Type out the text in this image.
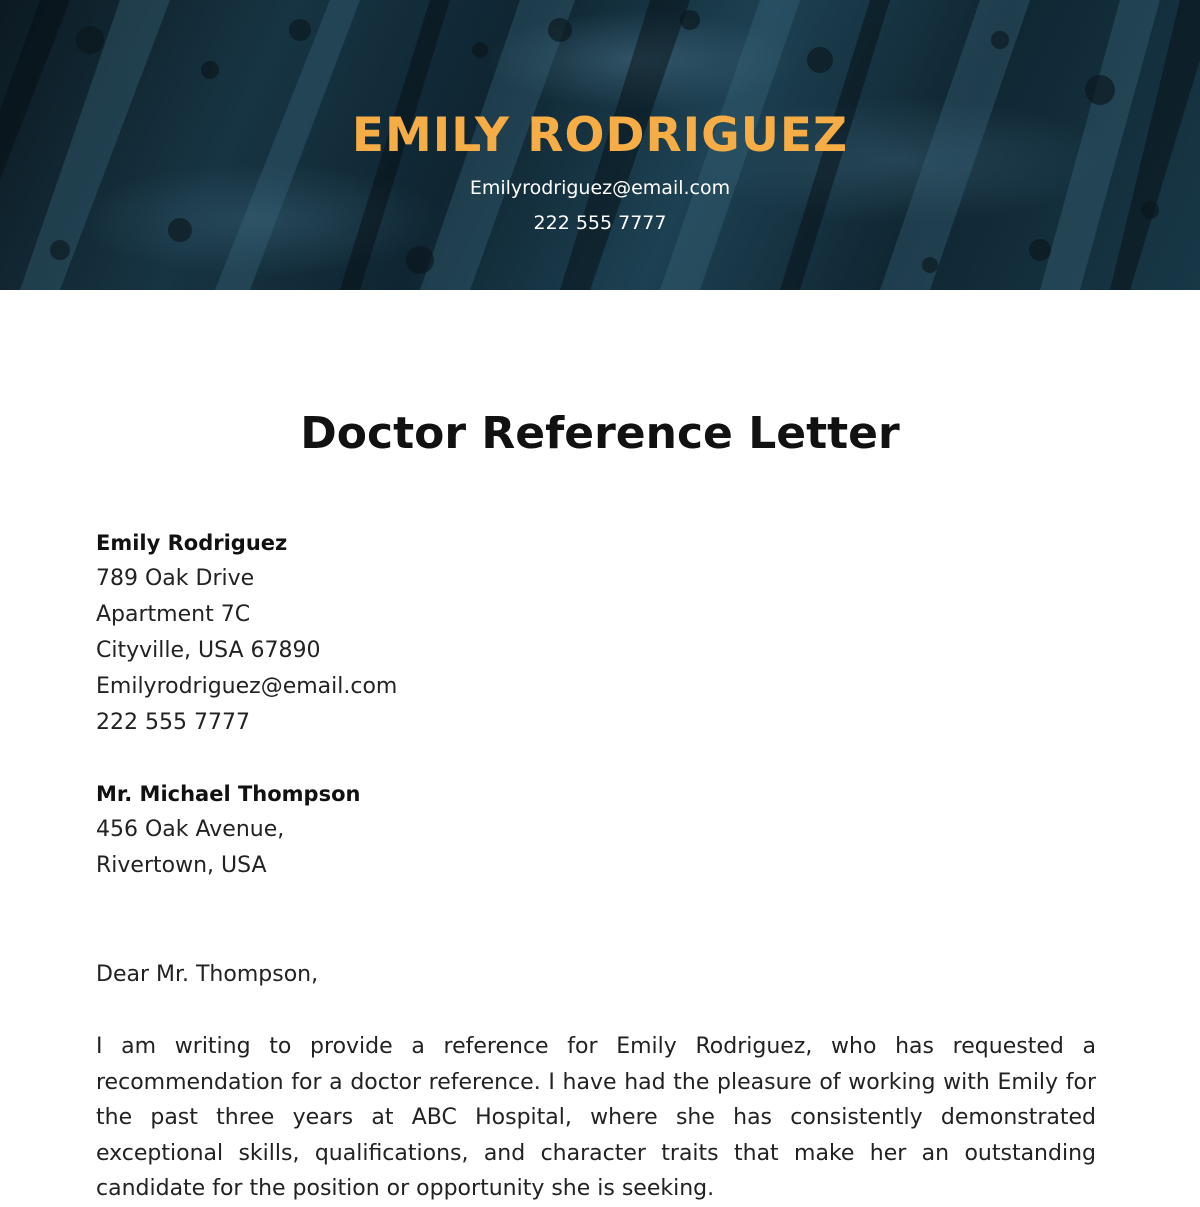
EMILY RODRIGUEZ
Emilyrodriguez@email.com
222 555 7777
Doctor Reference Letter
Emily Rodriguez
789 Oak Drive
Apartment 7C
Cityville, USA 67890
Emilyrodriguez@email.com
222 555 7777
Mr. Michael Thompson
456 Oak Avenue,
Rivertown, USA
Dear Mr. Thompson,
I am writing to provide a reference for Emily Rodriguez, who has requested a recommendation for a doctor reference. I have had the pleasure of working with Emily for the past three years at ABC Hospital, where she has consistently demonstrated exceptional skills, qualifications, and character traits that make her an outstanding candidate for the position or opportunity she is seeking.
